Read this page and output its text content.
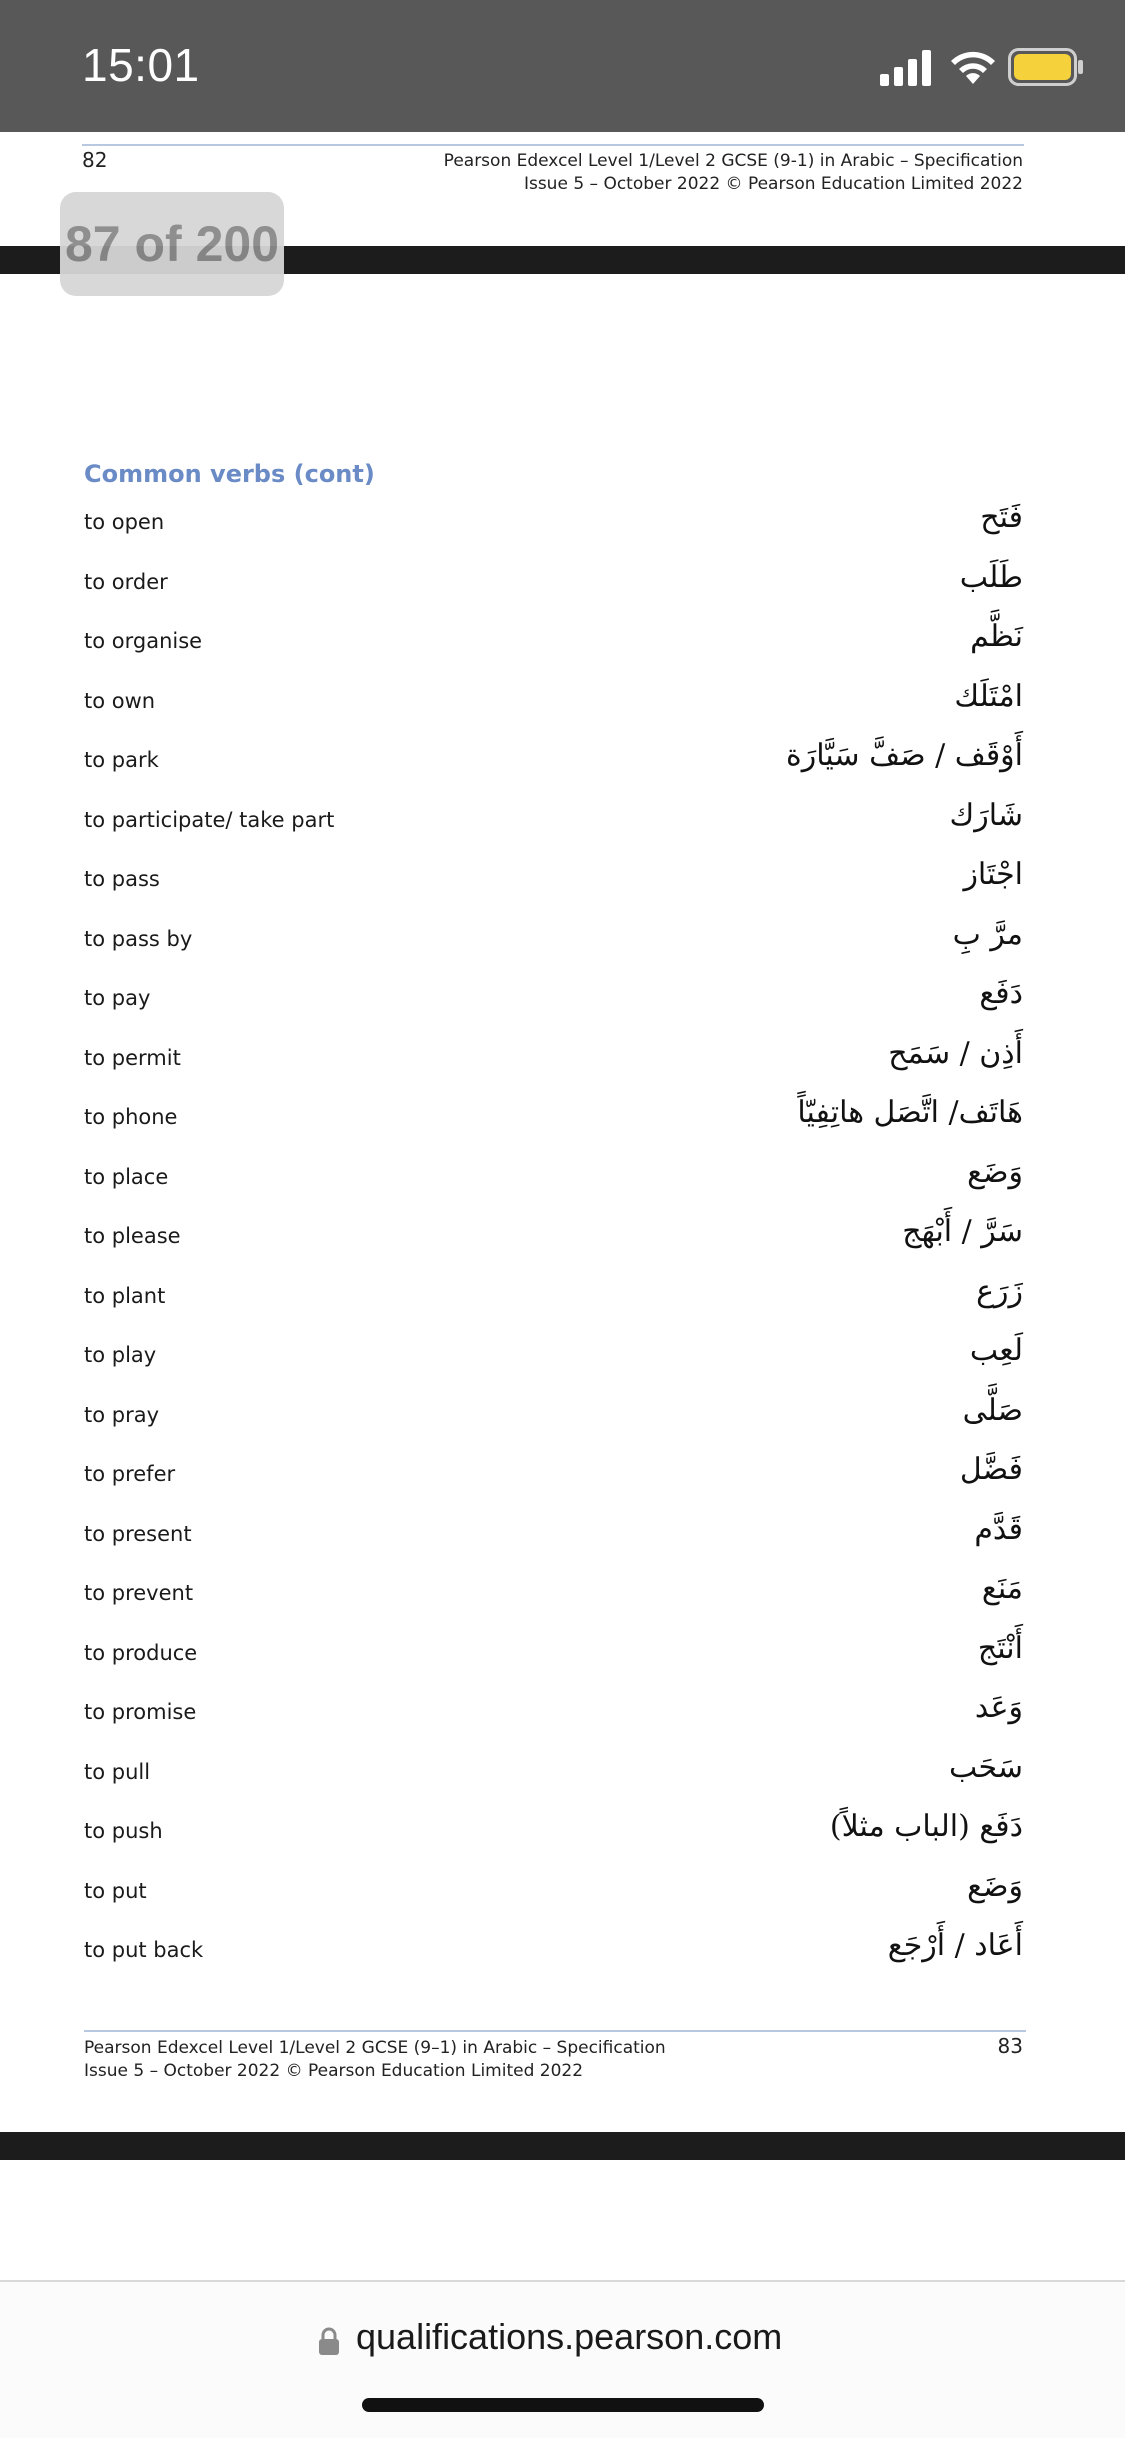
15:01
82	Pearson Edexcel Level 1/Level 2 GCSE (9-1) in Arabic – Specification
Issue 5 – October 2022 © Pearson Education Limited 2022
87 of 200
Common verbs (cont)
to open	فَتَح
to order	طَلَب
to organise	نَظَّم
to own	امْتَلَك
to park	أَوْقَف / صَفَّ سَيَّارَة
to participate/ take part	شَارَك
to pass	اجْتَاز
to pass by	مرَّ بِ
to pay	دَفَع
to permit	أَذِن / سَمَح
to phone	هَاتَف/ اتَّصَل هاتِفِيّاً
to place	وَضَع
to please	سَرَّ / أَبْهَج
to plant	زَرَع
to play	لَعِب
to pray	صَلَّى
to prefer	فَضَّل
to present	قَدَّم
to prevent	مَنَع
to produce	أَنْتَج
to promise	وَعَد
to pull	سَحَب
to push	دَفَع (الباب مثلاً)
to put	وَضَع
to put back	أَعَاد / أَرْجَع
Pearson Edexcel Level 1/Level 2 GCSE (9–1) in Arabic – Specification
Issue 5 – October 2022 © Pearson Education Limited 2022
83
qualifications.pearson.com
